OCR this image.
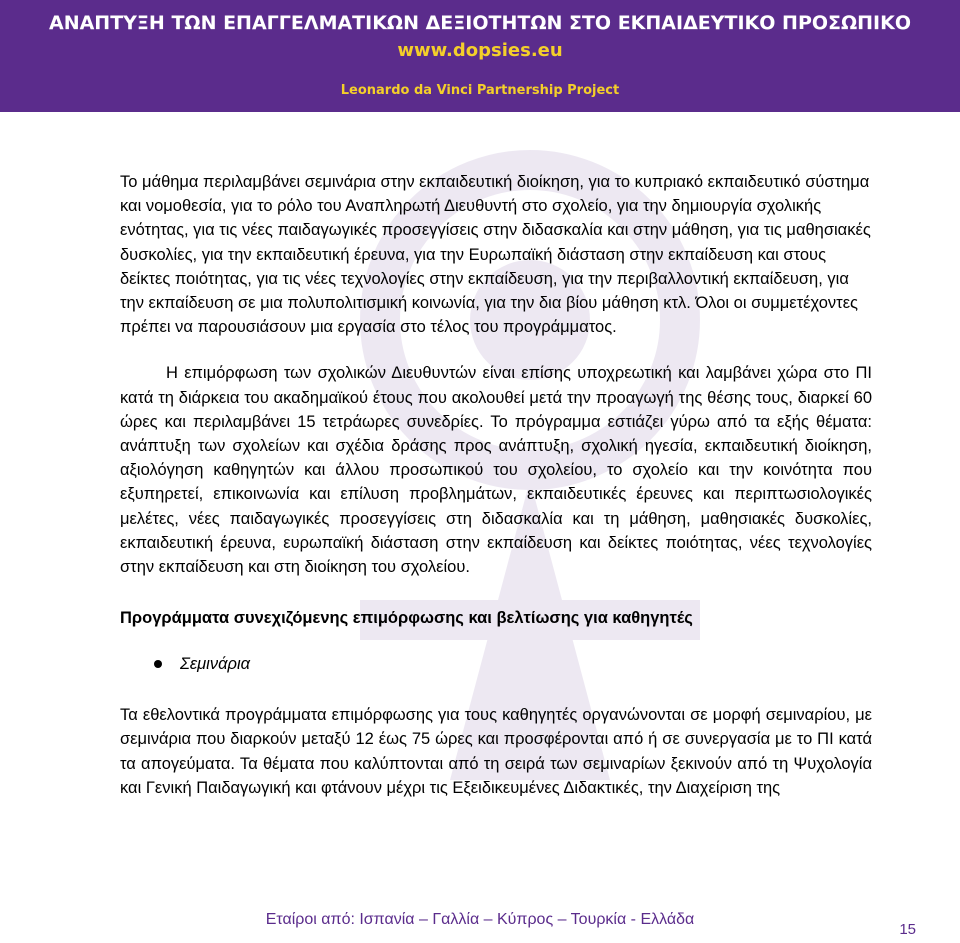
ΑΝΑΠΤΥΞΗ ΤΩΝ ΕΠΑΓΓΕΛΜΑΤΙΚΩΝ ΔΕΞΙΟΤΗΤΩΝ ΣΤΟ ΕΚΠΑΙΔΕΥΤΙΚΟ ΠΡΟΣΩΠΙΚΟ
www.dopsies.eu
Leonardo da Vinci Partnership Project

Το μάθημα περιλαμβάνει σεμινάρια στην εκπαιδευτική διοίκηση, για το κυπριακό εκπαιδευτικό σύστημα και νομοθεσία, για το ρόλο του Αναπληρωτή Διευθυντή στο σχολείο, για την δημιουργία σχολικής ενότητας, για τις νέες παιδαγωγικές προσεγγίσεις στην διδασκαλία και στην μάθηση, για τις μαθησιακές δυσκολίες, για την εκπαιδευτική έρευνα, για την Ευρωπαϊκή διάσταση στην εκπαίδευση και στους δείκτες ποιότητας, για τις νέες τεχνολογίες στην εκπαίδευση, για την περιβαλλοντική εκπαίδευση, για την εκπαίδευση σε μια πολυπολιτισμική κοινωνία, για την δια βίου μάθηση κτλ. Όλοι οι συμμετέχοντες πρέπει να παρουσιάσουν μια εργασία στο τέλος του προγράμματος.

Η επιμόρφωση των σχολικών Διευθυντών είναι επίσης υποχρεωτική και λαμβάνει χώρα στο ΠΙ κατά τη διάρκεια του ακαδημαϊκού έτους που ακολουθεί μετά την προαγωγή της θέσης τους, διαρκεί 60 ώρες και περιλαμβάνει 15 τετράωρες συνεδρίες. Το πρόγραμμα εστιάζει γύρω από τα εξής θέματα: ανάπτυξη των σχολείων και σχέδια δράσης προς ανάπτυξη, σχολική ηγεσία, εκπαιδευτική διοίκηση, αξιολόγηση καθηγητών και άλλου προσωπικού του σχολείου, το σχολείο και την κοινότητα που εξυπηρετεί, επικοινωνία και επίλυση προβλημάτων, εκπαιδευτικές έρευνες και περιπτωσιολογικές μελέτες, νέες παιδαγωγικές προσεγγίσεις στη διδασκαλία και τη μάθηση, μαθησιακές δυσκολίες, εκπαιδευτική έρευνα, ευρωπαϊκή διάσταση στην εκπαίδευση και δείκτες ποιότητας, νέες τεχνολογίες στην εκπαίδευση και στη διοίκηση του σχολείου.

Προγράμματα συνεχιζόμενης επιμόρφωσης και βελτίωσης για καθηγητές
Σεμινάρια

Τα εθελοντικά προγράμματα επιμόρφωσης για τους καθηγητές οργανώνονται σε μορφή σεμιναρίου, με σεμινάρια που διαρκούν μεταξύ 12 έως 75 ώρες και προσφέρονται από ή σε συνεργασία με το ΠΙ κατά τα απογεύματα. Τα θέματα που καλύπτονται από τη σειρά των σεμιναρίων ξεκινούν από τη Ψυχολογία και Γενική Παιδαγωγική και φτάνουν μέχρι τις Εξειδικευμένες Διδακτικές, την Διαχείριση της

Εταίροι από: Ισπανία – Γαλλία – Κύπρος – Τουρκία - Ελλάδα
15
